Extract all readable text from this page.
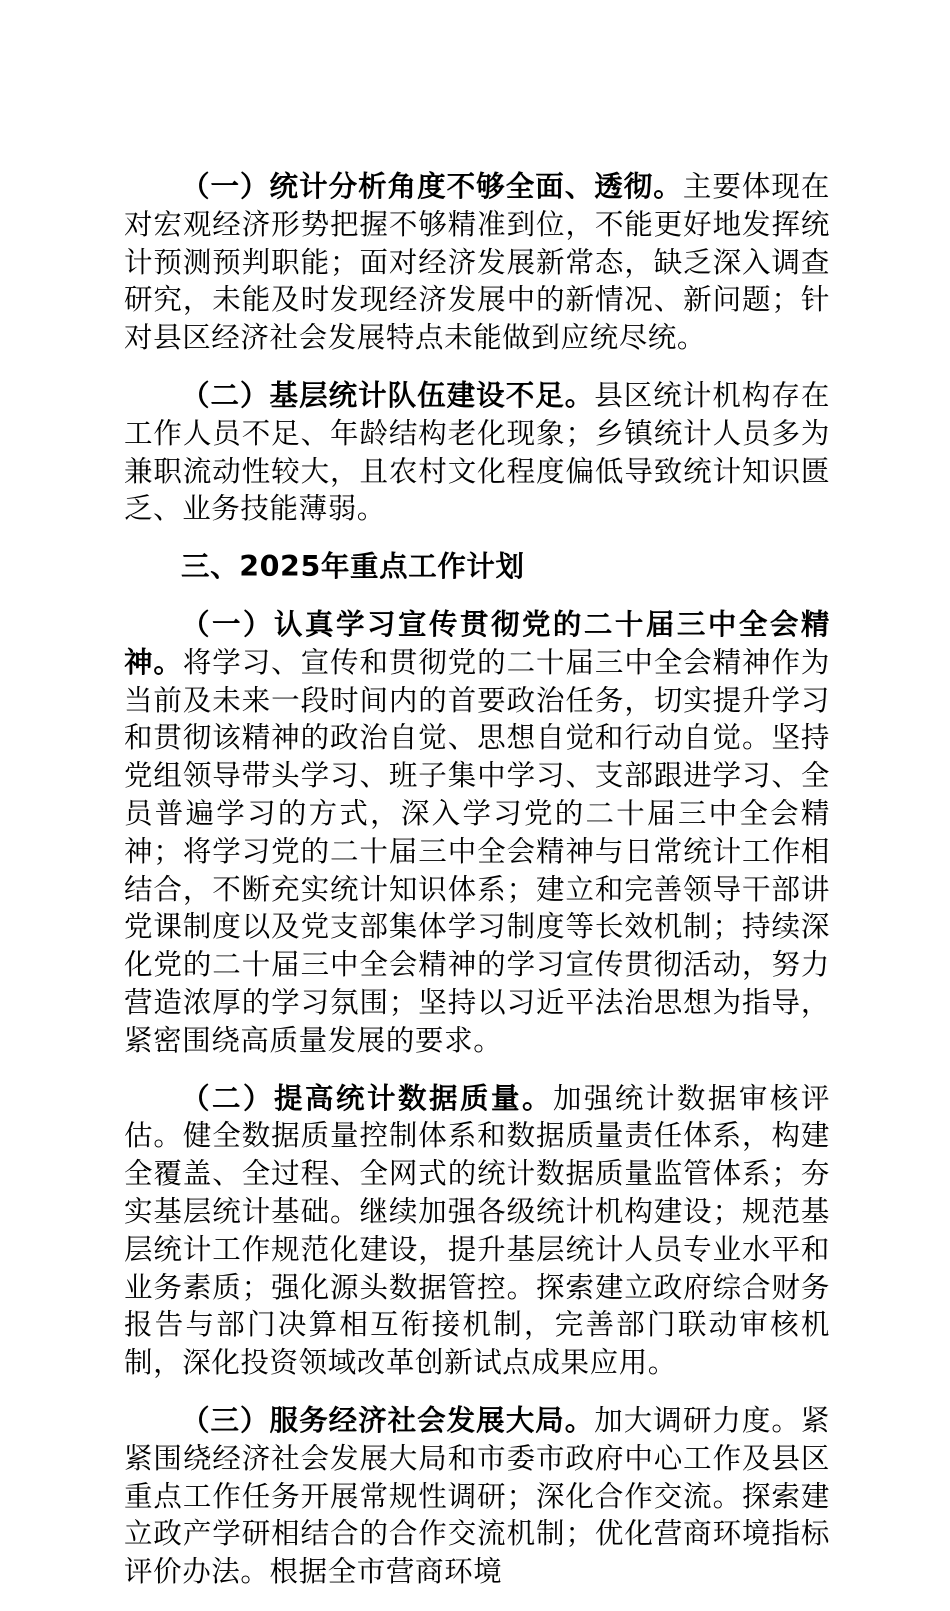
（一）统计分析角度不够全面、透彻。主要体现在对宏观经济形势把握不够精准到位，不能更好地发挥统计预测预判职能；面对经济发展新常态，缺乏深入调查研究，未能及时发现经济发展中的新情况、新问题；针对县区经济社会发展特点未能做到应统尽统。

（二）基层统计队伍建设不足。县区统计机构存在工作人员不足、年龄结构老化现象；乡镇统计人员多为兼职流动性较大，且农村文化程度偏低导致统计知识匮乏、业务技能薄弱。

三、2025年重点工作计划

（一）认真学习宣传贯彻党的二十届三中全会精神。将学习、宣传和贯彻党的二十届三中全会精神作为当前及未来一段时间内的首要政治任务，切实提升学习和贯彻该精神的政治自觉、思想自觉和行动自觉。坚持党组领导带头学习、班子集中学习、支部跟进学习、全员普遍学习的方式，深入学习党的二十届三中全会精神；将学习党的二十届三中全会精神与日常统计工作相结合，不断充实统计知识体系；建立和完善领导干部讲党课制度以及党支部集体学习制度等长效机制；持续深化党的二十届三中全会精神的学习宣传贯彻活动，努力营造浓厚的学习氛围；坚持以习近平法治思想为指导，紧密围绕高质量发展的要求。

（二）提高统计数据质量。加强统计数据审核评估。健全数据质量控制体系和数据质量责任体系，构建全覆盖、全过程、全网式的统计数据质量监管体系；夯实基层统计基础。继续加强各级统计机构建设；规范基层统计工作规范化建设，提升基层统计人员专业水平和业务素质；强化源头数据管控。探索建立政府综合财务报告与部门决算相互衔接机制，完善部门联动审核机制，深化投资领域改革创新试点成果应用。

（三）服务经济社会发展大局。加大调研力度。紧紧围绕经济社会发展大局和市委市政府中心工作及县区重点工作任务开展常规性调研；深化合作交流。探索建立政产学研相结合的合作交流机制；优化营商环境指标评价办法。根据全市营商环境
